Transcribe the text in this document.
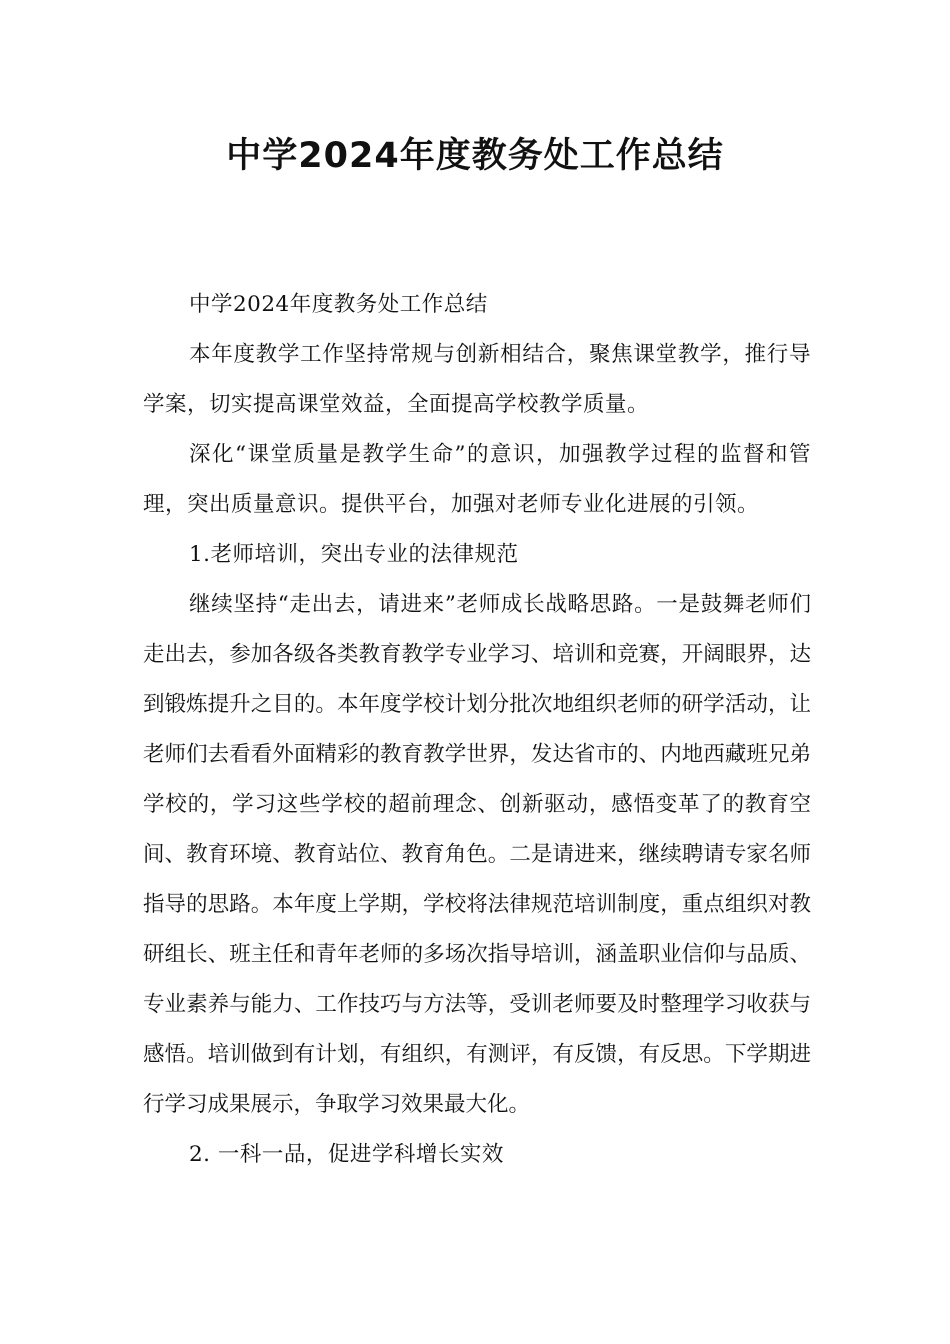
中学2024年度教务处工作总结

中学2024年度教务处工作总结

本年度教学工作坚持常规与创新相结合，聚焦课堂教学，推行导学案，切实提高课堂效益，全面提高学校教学质量。

深化“课堂质量是教学生命”的意识，加强教学过程的监督和管理，突出质量意识。提供平台，加强对老师专业化进展的引领。

1.老师培训，突出专业的法律规范

继续坚持“走出去，请进来”老师成长战略思路。一是鼓舞老师们走出去，参加各级各类教育教学专业学习、培训和竞赛，开阔眼界，达到锻炼提升之目的。本年度学校计划分批次地组织老师的研学活动，让老师们去看看外面精彩的教育教学世界，发达省市的、内地西藏班兄弟学校的，学习这些学校的超前理念、创新驱动，感悟变革了的教育空间、教育环境、教育站位、教育角色。二是请进来，继续聘请专家名师指导的思路。本年度上学期，学校将法律规范培训制度，重点组织对教研组长、班主任和青年老师的多场次指导培训，涵盖职业信仰与品质、专业素养与能力、工作技巧与方法等，受训老师要及时整理学习收获与感悟。培训做到有计划，有组织，有测评，有反馈，有反思。下学期进行学习成果展示，争取学习效果最大化。

2. 一科一品，促进学科增长实效
